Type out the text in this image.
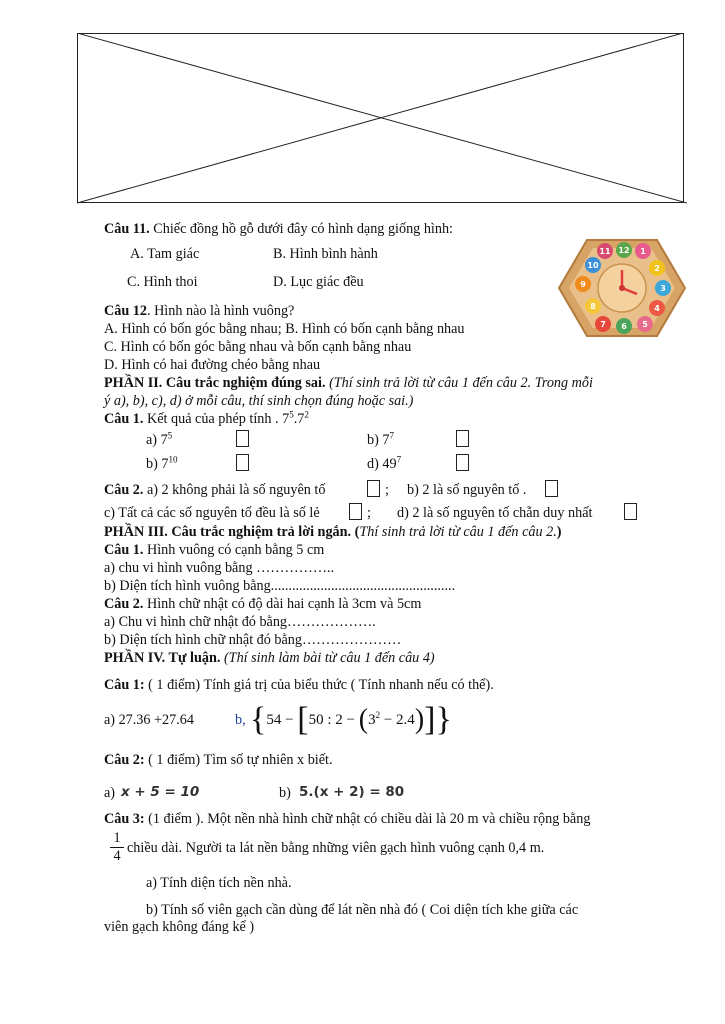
Câu 11. Chiếc đồng hồ gỗ dưới đây có hình dạng giống hình:
A. Tam giác	B. Hình bình hành
C. Hình thoi	D. Lục giác đều
11 12 1
10	2
9	3
8	4
7 6 5
Câu 12. Hình nào là hình vuông?
A. Hình có bốn góc bằng nhau; B. Hình có bốn cạnh bằng nhau
C. Hình có bốn góc bằng nhau và bốn cạnh bằng nhau
D. Hình có hai đường chéo bằng nhau
PHẦN II. Câu trắc nghiệm đúng sai. (Thí sinh trả lời từ câu 1 đến câu 2. Trong mỗi
ý a), b), c), d) ở mỗi câu, thí sinh chọn đúng hoặc sai.)
Câu 1. Kết quả của phép tính . $7^5.7^2$
a) $7^5$	b) $7^7$
b) $7^{10}$	d) $49^7$
Câu 2. a) 2 không phải là số nguyên tố	; b) 2 là số nguyên tố .
c) Tất cả các số nguyên tố đều là số lẻ	; d) 2 là số nguyên tố chẵn duy nhất
PHẦN III. Câu trắc nghiệm trả lời ngắn. (Thí sinh trả lời từ câu 1 đến câu 2.)
Câu 1. Hình vuông có cạnh bằng 5 cm
a) chu vi hình vuông bằng ……………..
b) Diện tích hình vuông bằng....................................................
Câu 2. Hình chữ nhật có độ dài hai cạnh là 3cm và 5cm
a) Chu vi hình chữ nhật đó bằng……………….
b) Diện tích hình chữ nhật đó bằng…………………
PHẦN IV. Tự luận. (Thí sinh làm bài từ câu 1 đến câu 4)
Câu 1: ( 1 điểm) Tính giá trị của biểu thức ( Tính nhanh nếu có thể).
a) 27.36 +27.64	b, {54 − [50 : $2 - (3^2 - 2.4)$]}
Câu 2: ( 1 điểm) Tìm số tự nhiên x biết.
a) x + 5 = 10	b) 5.(x + 2) = 80
Câu 3: (1 điểm ). Một nền nhà hình chữ nhật có chiều dài là 20 m và chiều rộng bằng
1
4 chiều dài. Người ta lát nền bằng những viên gạch hình vuông cạnh 0,4 m.
a) Tính diện tích nền nhà.
b) Tính số viên gạch cần dùng để lát nền nhà đó ( Coi diện tích khe giữa các
viên gạch không đáng kể )
